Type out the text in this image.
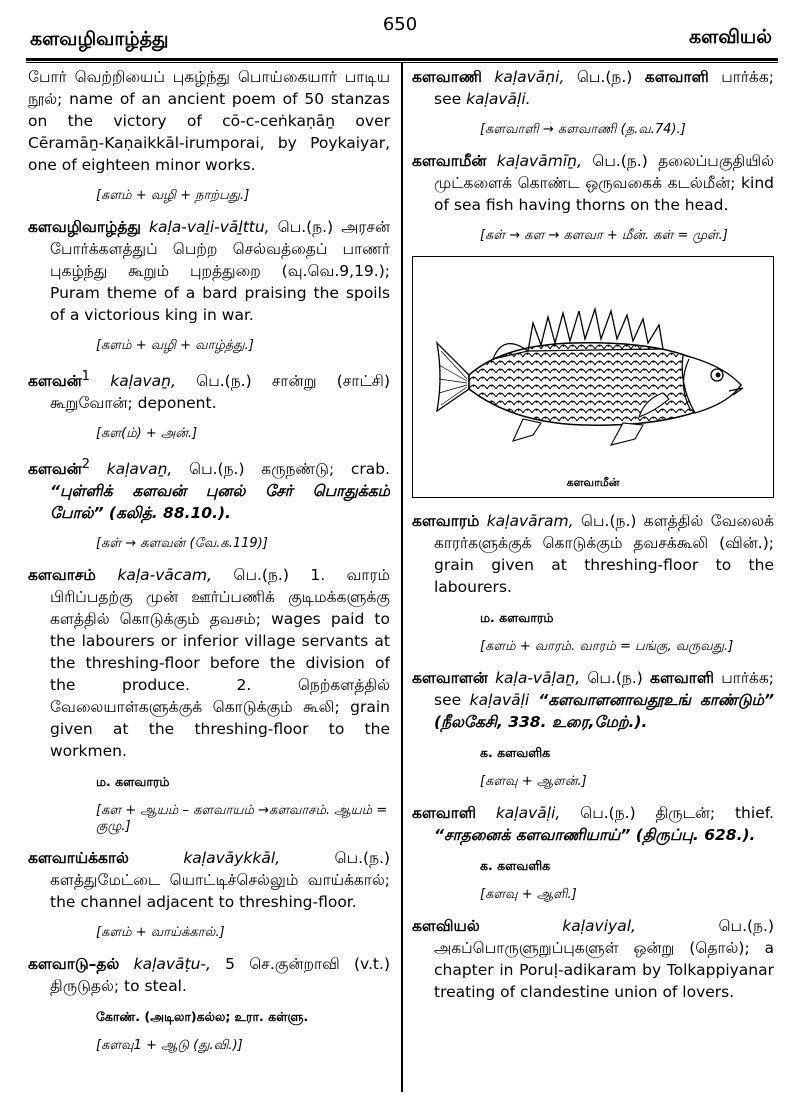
களவழிவாழ்த்து
650
களவியல்
போர் வெற்றியைப் புகழ்ந்து பொய்கையார் பாடிய நூல்; name of an ancient poem of 50 stanzas on the victory of cō-c-ceṅkaṇāṉ over Cēramāṉ-Kaṇaikkāl-irumporai, by Poykaiyar, one of eighteen minor works.
[களம் + வழி + நாற்பது.]
களவழிவாழ்த்து kaḷa-vaḻi-vāḻttu, பெ.(ந.) அரசன் போர்க்களத்துப் பெற்ற செல்வத்தைப் பாணர் புகழ்ந்து கூறும் புறத்துறை (வு.வெ.9,19.); Puram theme of a bard praising the spoils of a victorious king in war.
[களம் + வழி + வாழ்த்து.]
களவன்$^1$ kaḷavaṉ, பெ.(ந.) சான்று (சாட்சி) கூறுவோன்; deponent.
[கள(ம்) + அன்.]
களவன்$^2$ kaḷavaṉ, பெ.(ந.) கருநண்டு; crab. “புள்ளிக் களவன் புனல் சேர் பொதுக்கம் போல்” (கலித். 88.10.).
[கள் → களவன் (வே.க.119)]
களவாசம் kaḷa-vācam, பெ.(ந.) 1. வாரம் பிரிப்பதற்கு முன் ஊர்ப்பணிக் குடிமக்களுக்கு களத்தில் கொடுக்கும் தவசம்; wages paid to the labourers or inferior village servants at the threshing-floor before the division of the produce. 2. நெற்களத்தில் வேலையாள்களுக்குக் கொடுக்கும் கூலி; grain given at the threshing-floor to the workmen.
ம. களவாரம்
[கள + ஆயம் – களவாயம் →களவாசம். ஆயம் = குழு.]
களவாய்க்கால்	kaḷavāykkāl, பெ.(ந.) களத்துமேட்டை யொட்டிச்செல்லும் வாய்க்கால்; the channel adjacent to threshing-floor.
[களம் + வாய்க்கால்.]
களவாடு–தல் kaḷavāṭu-, 5 செ.குன்றாவி (v.t.) திருடுதல்; to steal.
கோண். (அடிலா)கல்ல; உரா. கள்ளு.
[களவு1 + ஆடு (து.வி.)]
களவாணி kaḷavāṇi, பெ.(ந.) களவாளி பார்க்க; see kaḷavāḷi.
[களவாளி → களவாணி (த.வ.74).]
களவாமீன் kaḷavāmīṉ, பெ.(ந.) தலைப்பகுதியில் முட்களைக் கொண்ட ஒருவகைக் கடல்மீன்; kind of sea fish having thorns on the head.
[கள் → கள → களவா + மீன். கள் = முள்.]
களவாமீன்
களவாரம் kaḷavāram, பெ.(ந.) களத்தில் வேலைக் காரர்களுக்குக் கொடுக்கும் தவசக்கூலி (வின்.); grain given at threshing-floor to the labourers.
ம. களவாரம்
[களம் + வாரம். வாரம் = பங்கு, வருவது.]
களவாளன் kaḷa-vāḷaṉ, பெ.(ந.) களவாளி பார்க்க; see kaḷavāḷi “களவாளனாவதூஉங் காண்டும்” (நீலகேசி, 338. உரை,மேற்.).
க. களவளிக
[களவு + ஆளன்.]
களவாளி kaḷavāḷi, பெ.(ந.) திருடன்; thief. “சாதனைக் களவாணியாய்” (திருப்பு. 628.).
க. களவளிக
[களவு + ஆளி.]
களவியல்	kaḷaviyal, பெ.(ந.) அகப்பொருளுறுப்புகளுள் ஒன்று (தொல்); a chapter in Poruḷ-adikaram by Tolkappiyanar treating of clandestine union of lovers.
